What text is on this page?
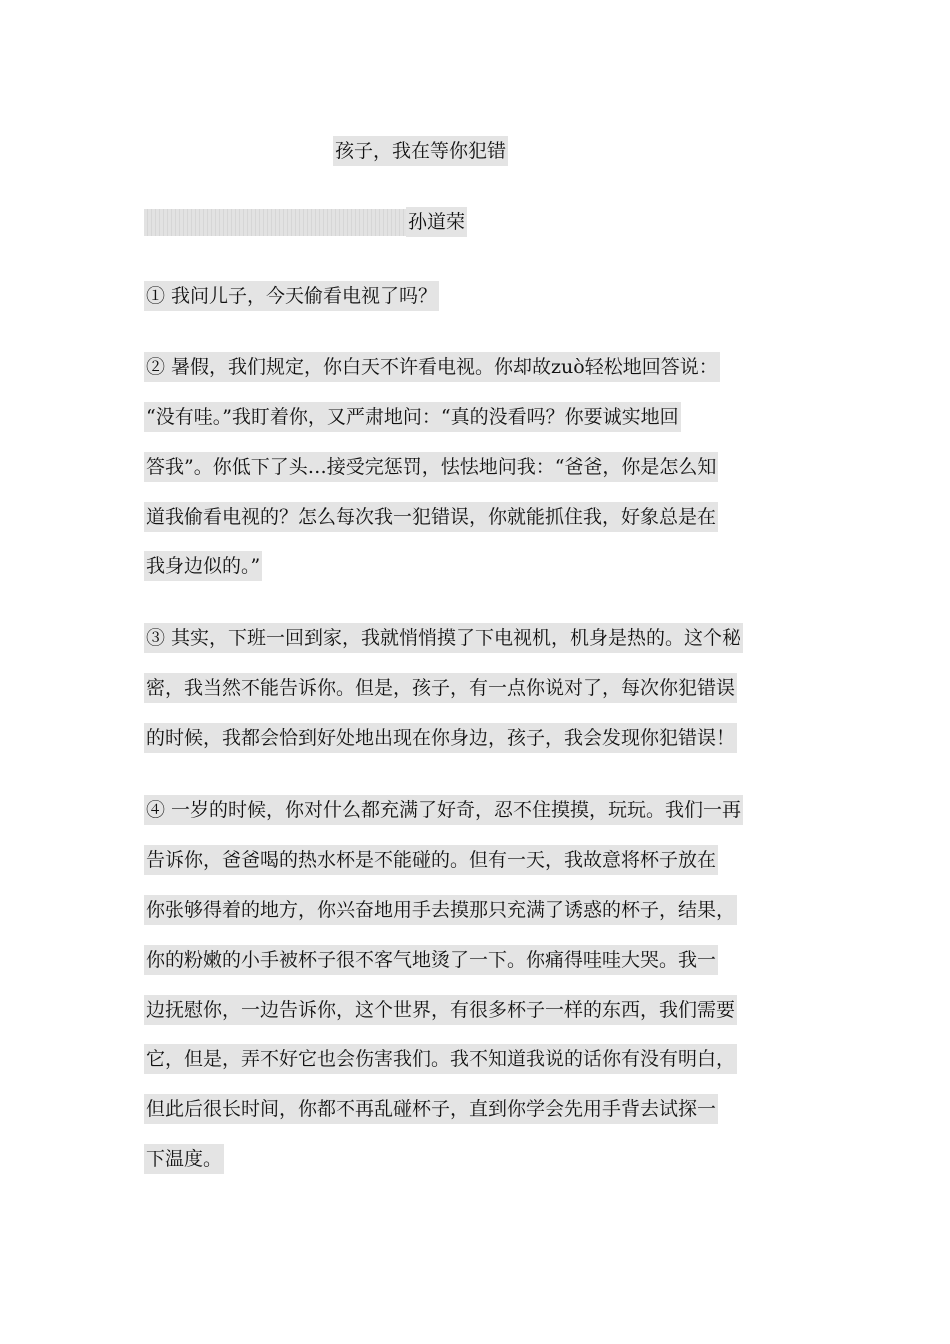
孩子，我在等你犯错

孙道荣

① 我问儿子，今天偷看电视了吗？

② 暑假，我们规定，你白天不许看电视。你却故zuò轻松地回答说：

“没有哇。”我盯着你，又严肃地问：“真的没看吗？你要诚实地回

答我”。你低下了头…接受完惩罚，怯怯地问我：“爸爸，你是怎么知

道我偷看电视的？怎么每次我一犯错误，你就能抓住我，好象总是在

我身边似的。”

③ 其实，下班一回到家，我就悄悄摸了下电视机，机身是热的。这个秘

密，我当然不能告诉你。但是，孩子，有一点你说对了，每次你犯错误

的时候，我都会恰到好处地出现在你身边，孩子，我会发现你犯错误！

④ 一岁的时候，你对什么都充满了好奇，忍不住摸摸，玩玩。我们一再

告诉你，爸爸喝的热水杯是不能碰的。但有一天，我故意将杯子放在

你张够得着的地方，你兴奋地用手去摸那只充满了诱惑的杯子，结果，

你的粉嫩的小手被杯子很不客气地烫了一下。你痛得哇哇大哭。我一

边抚慰你，一边告诉你，这个世界，有很多杯子一样的东西，我们需要

它，但是，弄不好它也会伤害我们。我不知道我说的话你有没有明白，

但此后很长时间，你都不再乱碰杯子，直到你学会先用手背去试探一

下温度。
